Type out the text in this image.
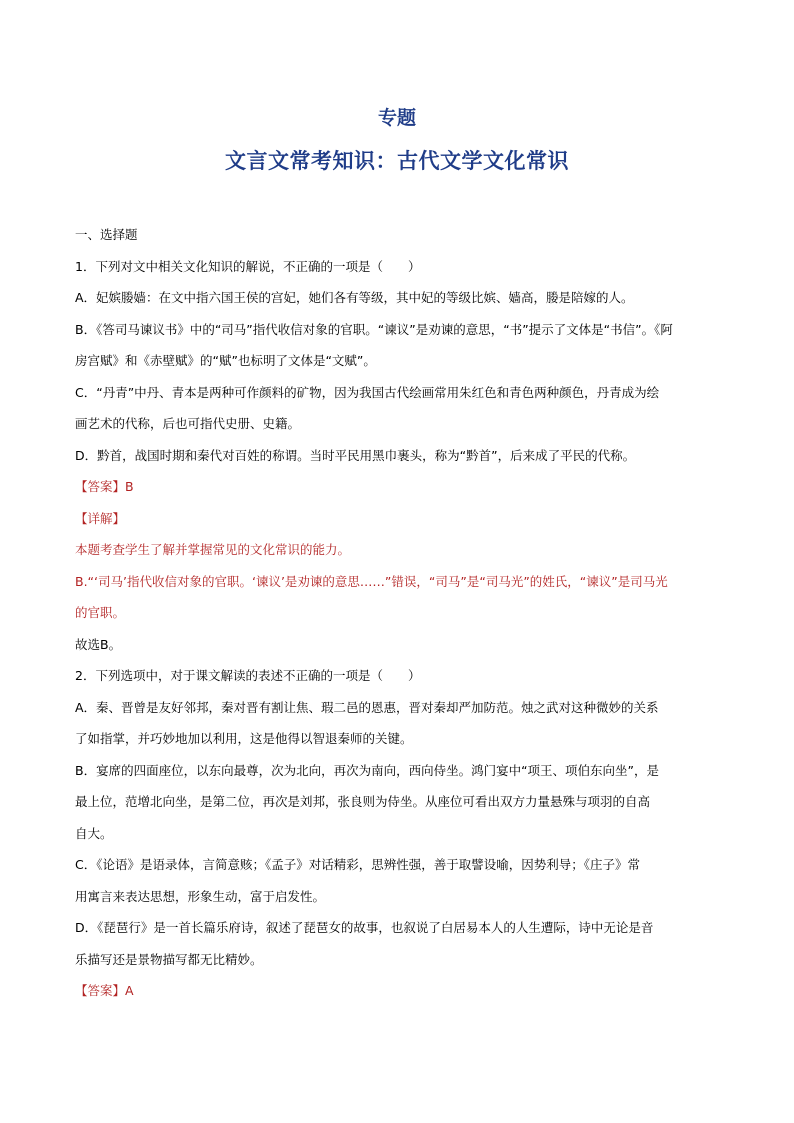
专题
文言文常考知识：古代文学文化常识
一、选择题
1．下列对文中相关文化知识的解说，不正确的一项是（　　）
A．妃嫔媵嫱：在文中指六国王侯的宫妃，她们各有等级，其中妃的等级比嫔、嫱高，媵是陪嫁的人。
B．《答司马谏议书》中的“司马”指代收信对象的官职。“谏议”是劝谏的意思，“书”提示了文体是“书信”。《阿
房宫赋》和《赤壁赋》的“赋”也标明了文体是“文赋”。
C．“丹青”中丹、青本是两种可作颜料的矿物，因为我国古代绘画常用朱红色和青色两种颜色，丹青成为绘
画艺术的代称，后也可指代史册、史籍。
D．黔首，战国时期和秦代对百姓的称谓。当时平民用黑巾裹头，称为“黔首”，后来成了平民的代称。
【答案】B
【详解】
本题考查学生了解并掌握常见的文化常识的能力。
B.“‘司马’指代收信对象的官职。‘谏议’是劝谏的意思……”错误，“司马”是“司马光”的姓氏，“谏议”是司马光
的官职。
故选B。
2．下列选项中，对于课文解读的表述不正确的一项是（　　）
A．秦、晋曾是友好邻邦，秦对晋有割让焦、瑕二邑的恩惠，晋对秦却严加防范。烛之武对这种微妙的关系
了如指掌，并巧妙地加以利用，这是他得以智退秦师的关键。
B．宴席的四面座位，以东向最尊，次为北向，再次为南向，西向侍坐。鸿门宴中“项王、项伯东向坐”，是
最上位，范增北向坐，是第二位，再次是刘邦，张良则为侍坐。从座位可看出双方力量悬殊与项羽的自高
自大。
C．《论语》是语录体，言简意赅；《孟子》对话精彩，思辨性强，善于取譬设喻，因势利导；《庄子》常
用寓言来表达思想，形象生动，富于启发性。
D．《琵琶行》是一首长篇乐府诗，叙述了琵琶女的故事，也叙说了白居易本人的人生遭际，诗中无论是音
乐描写还是景物描写都无比精妙。
【答案】A
